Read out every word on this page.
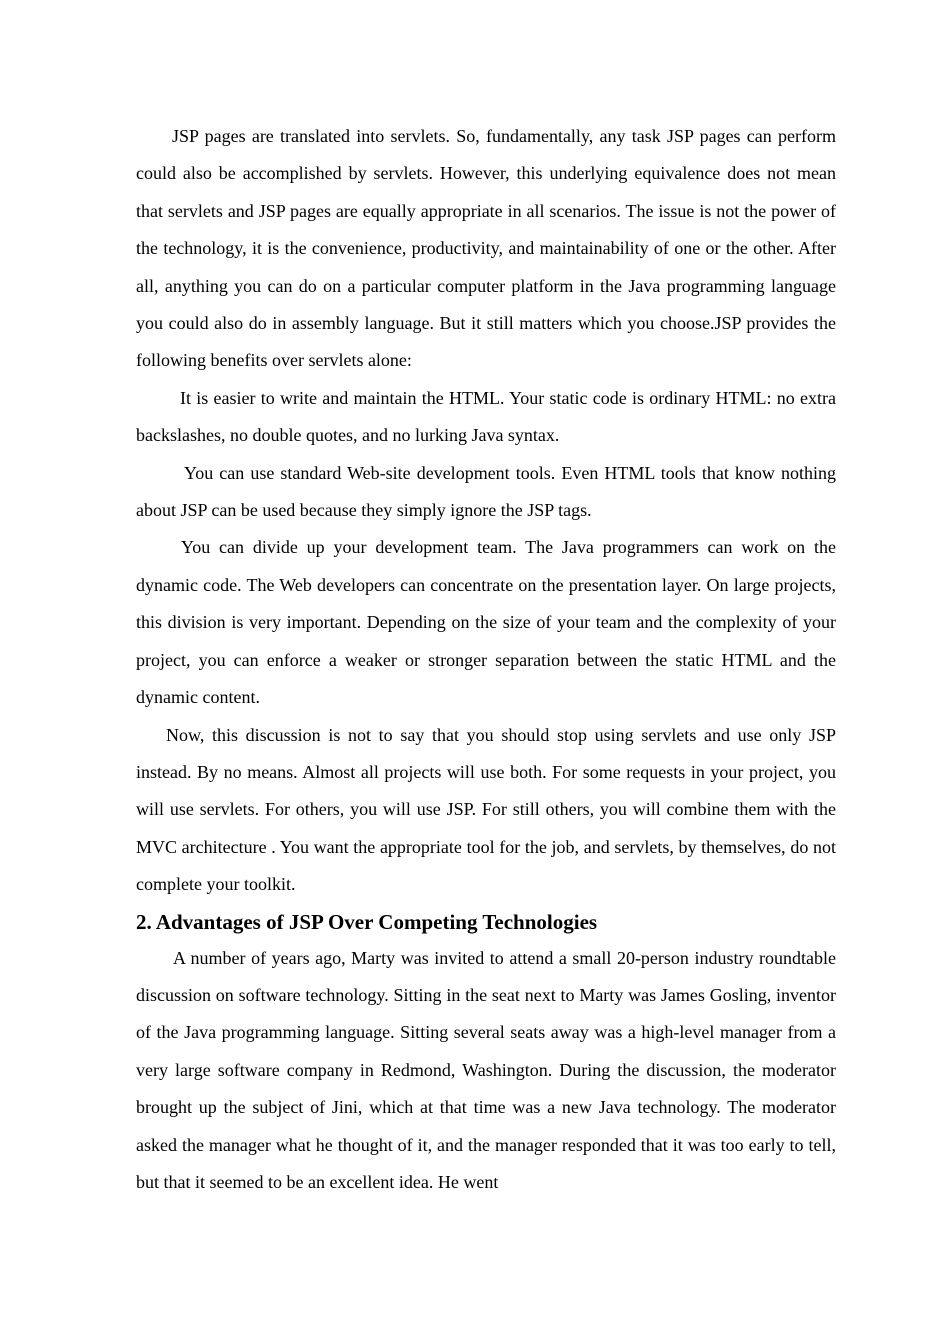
JSP pages are translated into servlets. So, fundamentally, any task JSP pages can perform could also be accomplished by servlets. However, this underlying equivalence does not mean that servlets and JSP pages are equally appropriate in all scenarios. The issue is not the power of the technology, it is the convenience, productivity, and maintainability of one or the other. After all, anything you can do on a particular computer platform in the Java programming language you could also do in assembly language. But it still matters which you choose.JSP provides the following benefits over servlets alone:

It is easier to write and maintain the HTML. Your static code is ordinary HTML: no extra backslashes, no double quotes, and no lurking Java syntax.

You can use standard Web-site development tools. Even HTML tools that know nothing about JSP can be used because they simply ignore the JSP tags.

You can divide up your development team. The Java programmers can work on the dynamic code. The Web developers can concentrate on the presentation layer. On large projects, this division is very important. Depending on the size of your team and the complexity of your project, you can enforce a weaker or stronger separation between the static HTML and the dynamic content.

Now, this discussion is not to say that you should stop using servlets and use only JSP instead. By no means. Almost all projects will use both. For some requests in your project, you will use servlets. For others, you will use JSP. For still others, you will combine them with the MVC architecture . You want the appropriate tool for the job, and servlets, by themselves, do not complete your toolkit.

2. Advantages of JSP Over Competing Technologies

A number of years ago, Marty was invited to attend a small 20-person industry roundtable discussion on software technology. Sitting in the seat next to Marty was James Gosling, inventor of the Java programming language. Sitting several seats away was a high-level manager from a very large software company in Redmond, Washington. During the discussion, the moderator brought up the subject of Jini, which at that time was a new Java technology. The moderator asked the manager what he thought of it, and the manager responded that it was too early to tell, but that it seemed to be an excellent idea. He went
